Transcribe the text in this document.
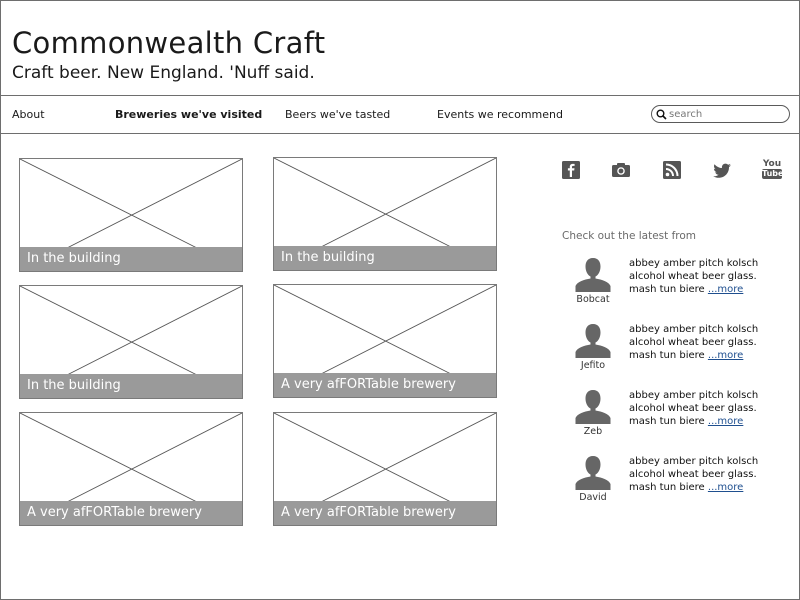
Commonwealth Craft
Craft beer. New England. 'Nuff said.
About	Breweries we've visited Beers we've tasted	Events we recommend
search
In the building	In the building
In the building	A very afFORTable brewery
A very afFORTable brewery	A very afFORTable brewery
You
Tube
Check out the latest from
Bobcat
abbey amber pitch kolsch alcohol wheat beer glass. mash tun biere ...more
Jefito
abbey amber pitch kolsch alcohol wheat beer glass. mash tun biere ...more
Zeb
abbey amber pitch kolsch alcohol wheat beer glass. mash tun biere ...more
David
abbey amber pitch kolsch alcohol wheat beer glass. mash tun biere ...more
